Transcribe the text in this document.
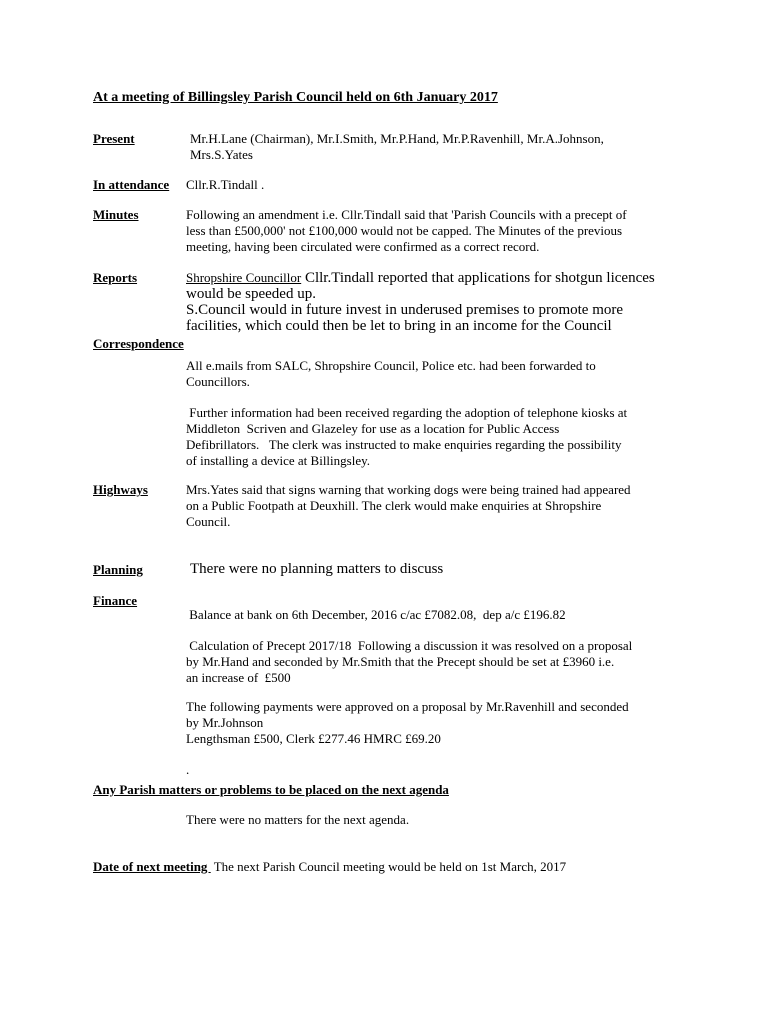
At a meeting of Billingsley Parish Council held on 6th January 2017
Present	Mr.H.Lane (Chairman), Mr.I.Smith, Mr.P.Hand, Mr.P.Ravenhill, Mr.A.Johnson,
Mrs.S.Yates
In attendance Cllr.R.Tindall .
Minutes	Following an amendment i.e. Cllr.Tindall said that 'Parish Councils with a precept of
less than £500,000' not £100,000 would not be capped. The Minutes of the previous
meeting, having been circulated were confirmed as a correct record.
Reports	Shropshire Councillor Cllr.Tindall reported that applications for shotgun licences
would be speeded up.
S.Council would in future invest in underused premises to promote more
facilities, which could then be let to bring in an income for the Council
Correspondence
All e.mails from SALC, Shropshire Council, Police etc. had been forwarded to
Councillors.
Further information had been received regarding the adoption of telephone kiosks at
Middleton  Scriven and Glazeley for use as a location for Public Access
Defibrillators.   The clerk was instructed to make enquiries regarding the possibility
of installing a device at Billingsley.
Highways	Mrs.Yates said that signs warning that working dogs were being trained had appeared
on a Public Footpath at Deuxhill. The clerk would make enquiries at Shropshire
Council.
Planning	There were no planning matters to discuss
Finance
Balance at bank on 6th December, 2016 c/ac £7082.08,  dep a/c £196.82
Calculation of Precept 2017/18  Following a discussion it was resolved on a proposal
by Mr.Hand and seconded by Mr.Smith that the Precept should be set at £3960 i.e.
an increase of  £500
The following payments were approved on a proposal by Mr.Ravenhill and seconded
by Mr.Johnson
Lengthsman £500, Clerk £277.46 HMRC £69.20
.
Any Parish matters or problems to be placed on the next agenda
There were no matters for the next agenda.
Date of next meeting  The next Parish Council meeting would be held on 1st March, 2017
